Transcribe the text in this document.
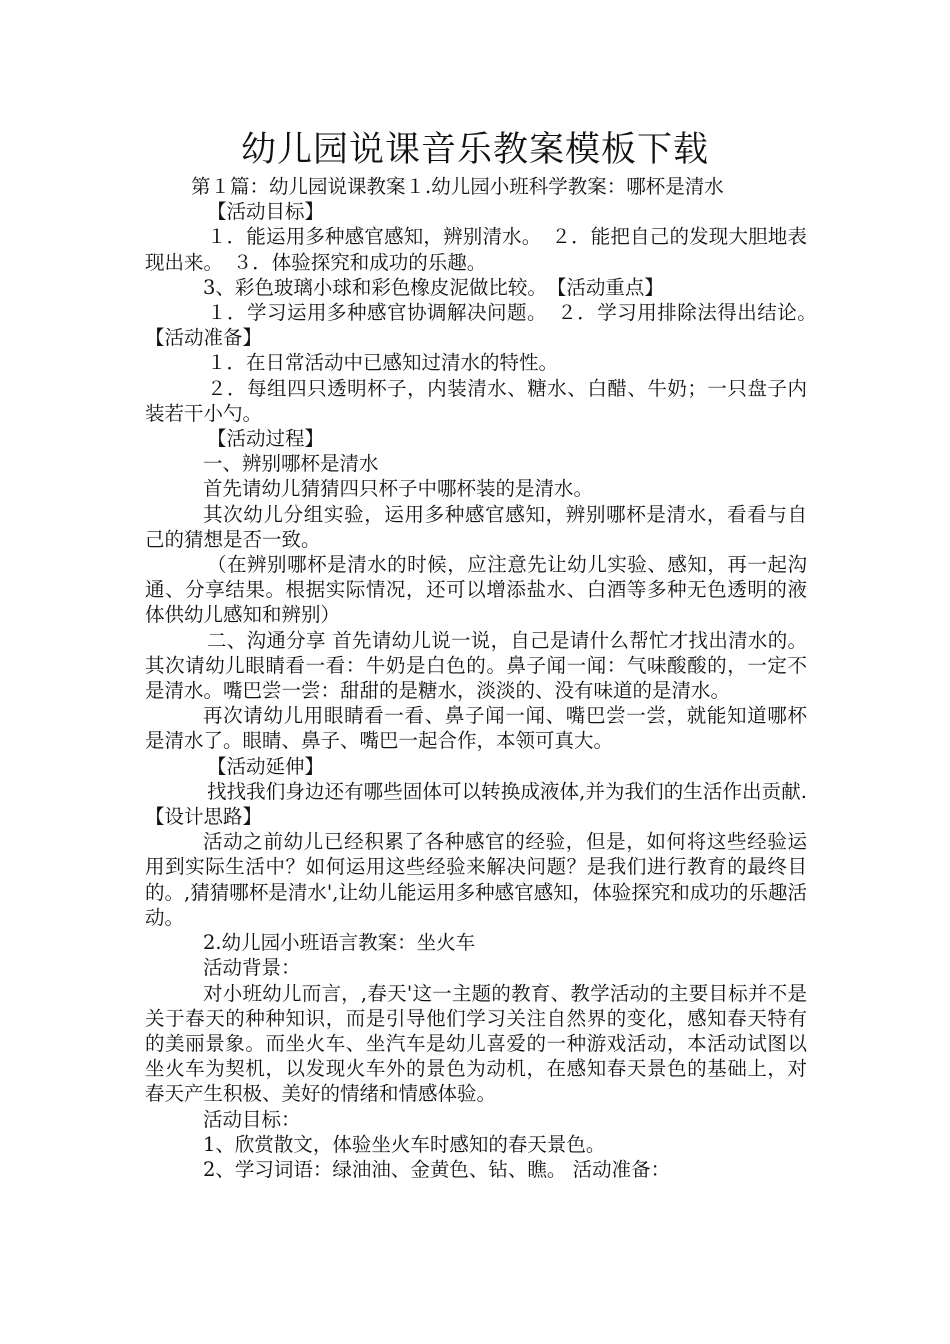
幼儿园说课音乐教案模板下载

第１篇：幼儿园说课教案１.幼儿园小班科学教案：哪杯是清水

【活动目标】

１．能运用多种感官感知，辨别清水。　２．能把自己的发现大胆地表现出来。　３．体验探究和成功的乐趣。

3、彩色玻璃小球和彩色橡皮泥做比较。　【活动重点】

１．学习运用多种感官协调解决问题。　２．学习用排除法得出结论。　【活动准备】

１．在日常活动中已感知过清水的特性。

２．每组四只透明杯子，内装清水、糖水、白醋、牛奶；一只盘子内装若干小勺。

【活动过程】

一、辨别哪杯是清水

首先请幼儿猜猜四只杯子中哪杯装的是清水。

其次幼儿分组实验，运用多种感官感知，辨别哪杯是清水，看看与自己的猜想是否一致。

（在辨别哪杯是清水的时候，应注意先让幼儿实验、感知，再一起沟通、分享结果。根据实际情况，还可以增添盐水、白酒等多种无色透明的液体供幼儿感知和辨别）

二、沟通分享 首先请幼儿说一说，自己是请什么帮忙才找出清水的。 其次请幼儿眼睛看一看：牛奶是白色的。鼻子闻一闻：气味酸酸的，一定不是清水。嘴巴尝一尝：甜甜的是糖水，淡淡的、没有味道的是清水。

再次请幼儿用眼睛看一看、鼻子闻一闻、嘴巴尝一尝，就能知道哪杯是清水了。眼睛、鼻子、嘴巴一起合作，本领可真大。

【活动延伸】

找找我们身边还有哪些固体可以转换成液体,并为我们的生活作出贡献.【设计思路】

活动之前幼儿已经积累了各种感官的经验，但是，如何将这些经验运用到实际生活中？如何运用这些经验来解决问题？是我们进行教育的最终目的。,猜猜哪杯是清水',让幼儿能运用多种感官感知，体验探究和成功的乐趣活动。

2.幼儿园小班语言教案：坐火车

活动背景：

对小班幼儿而言，,春天'这一主题的教育、教学活动的主要目标并不是关于春天的种种知识，而是引导他们学习关注自然界的变化，感知春天特有的美丽景象。而坐火车、坐汽车是幼儿喜爱的一种游戏活动，本活动试图以坐火车为契机，以发现火车外的景色为动机，在感知春天景色的基础上，对春天产生积极、美好的情绪和情感体验。

活动目标：

1、欣赏散文，体验坐火车时感知的春天景色。

2、学习词语：绿油油、金黄色、钻、瞧。 活动准备：
